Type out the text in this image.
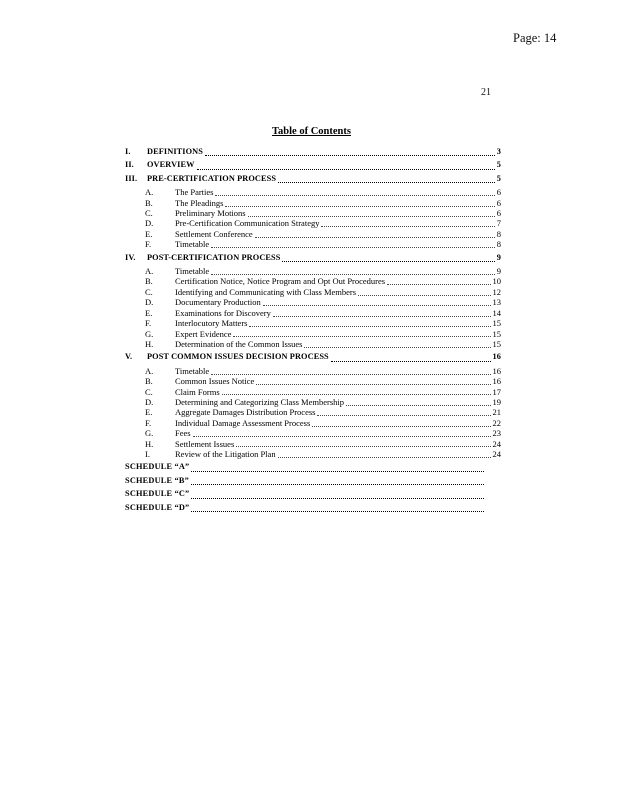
Page: 14
21
Table of Contents
I.	DEFINITIONS	3
II.	OVERVIEW	5
III.	PRE-CERTIFICATION PROCESS	5
A.	The Parties	6
B.	The Pleadings	6
C.	Preliminary Motions	6
D.	Pre-Certification Communication Strategy	7
E.	Settlement Conference	8
F.	Timetable	8
IV.	POST-CERTIFICATION PROCESS	9
A.	Timetable	9
B.	Certification Notice, Notice Program and Opt Out Procedures	10
C.	Identifying and Communicating with Class Members	12
D.	Documentary Production	13
E.	Examinations for Discovery	14
F.	Interlocutory Matters	15
G.	Expert Evidence	15
H.	Determination of the Common Issues	15
V.	POST COMMON ISSUES DECISION PROCESS	16
A.	Timetable	16
B.	Common Issues Notice	16
C.	Claim Forms	17
D.	Determining and Categorizing Class Membership	19
E.	Aggregate Damages Distribution Process	21
F.	Individual Damage Assessment Process	22
G.	Fees	23
H.	Settlement Issues	24
I.	Review of the Litigation Plan	24
SCHEDULE “A”
SCHEDULE “B”
SCHEDULE “C”
SCHEDULE “D”
